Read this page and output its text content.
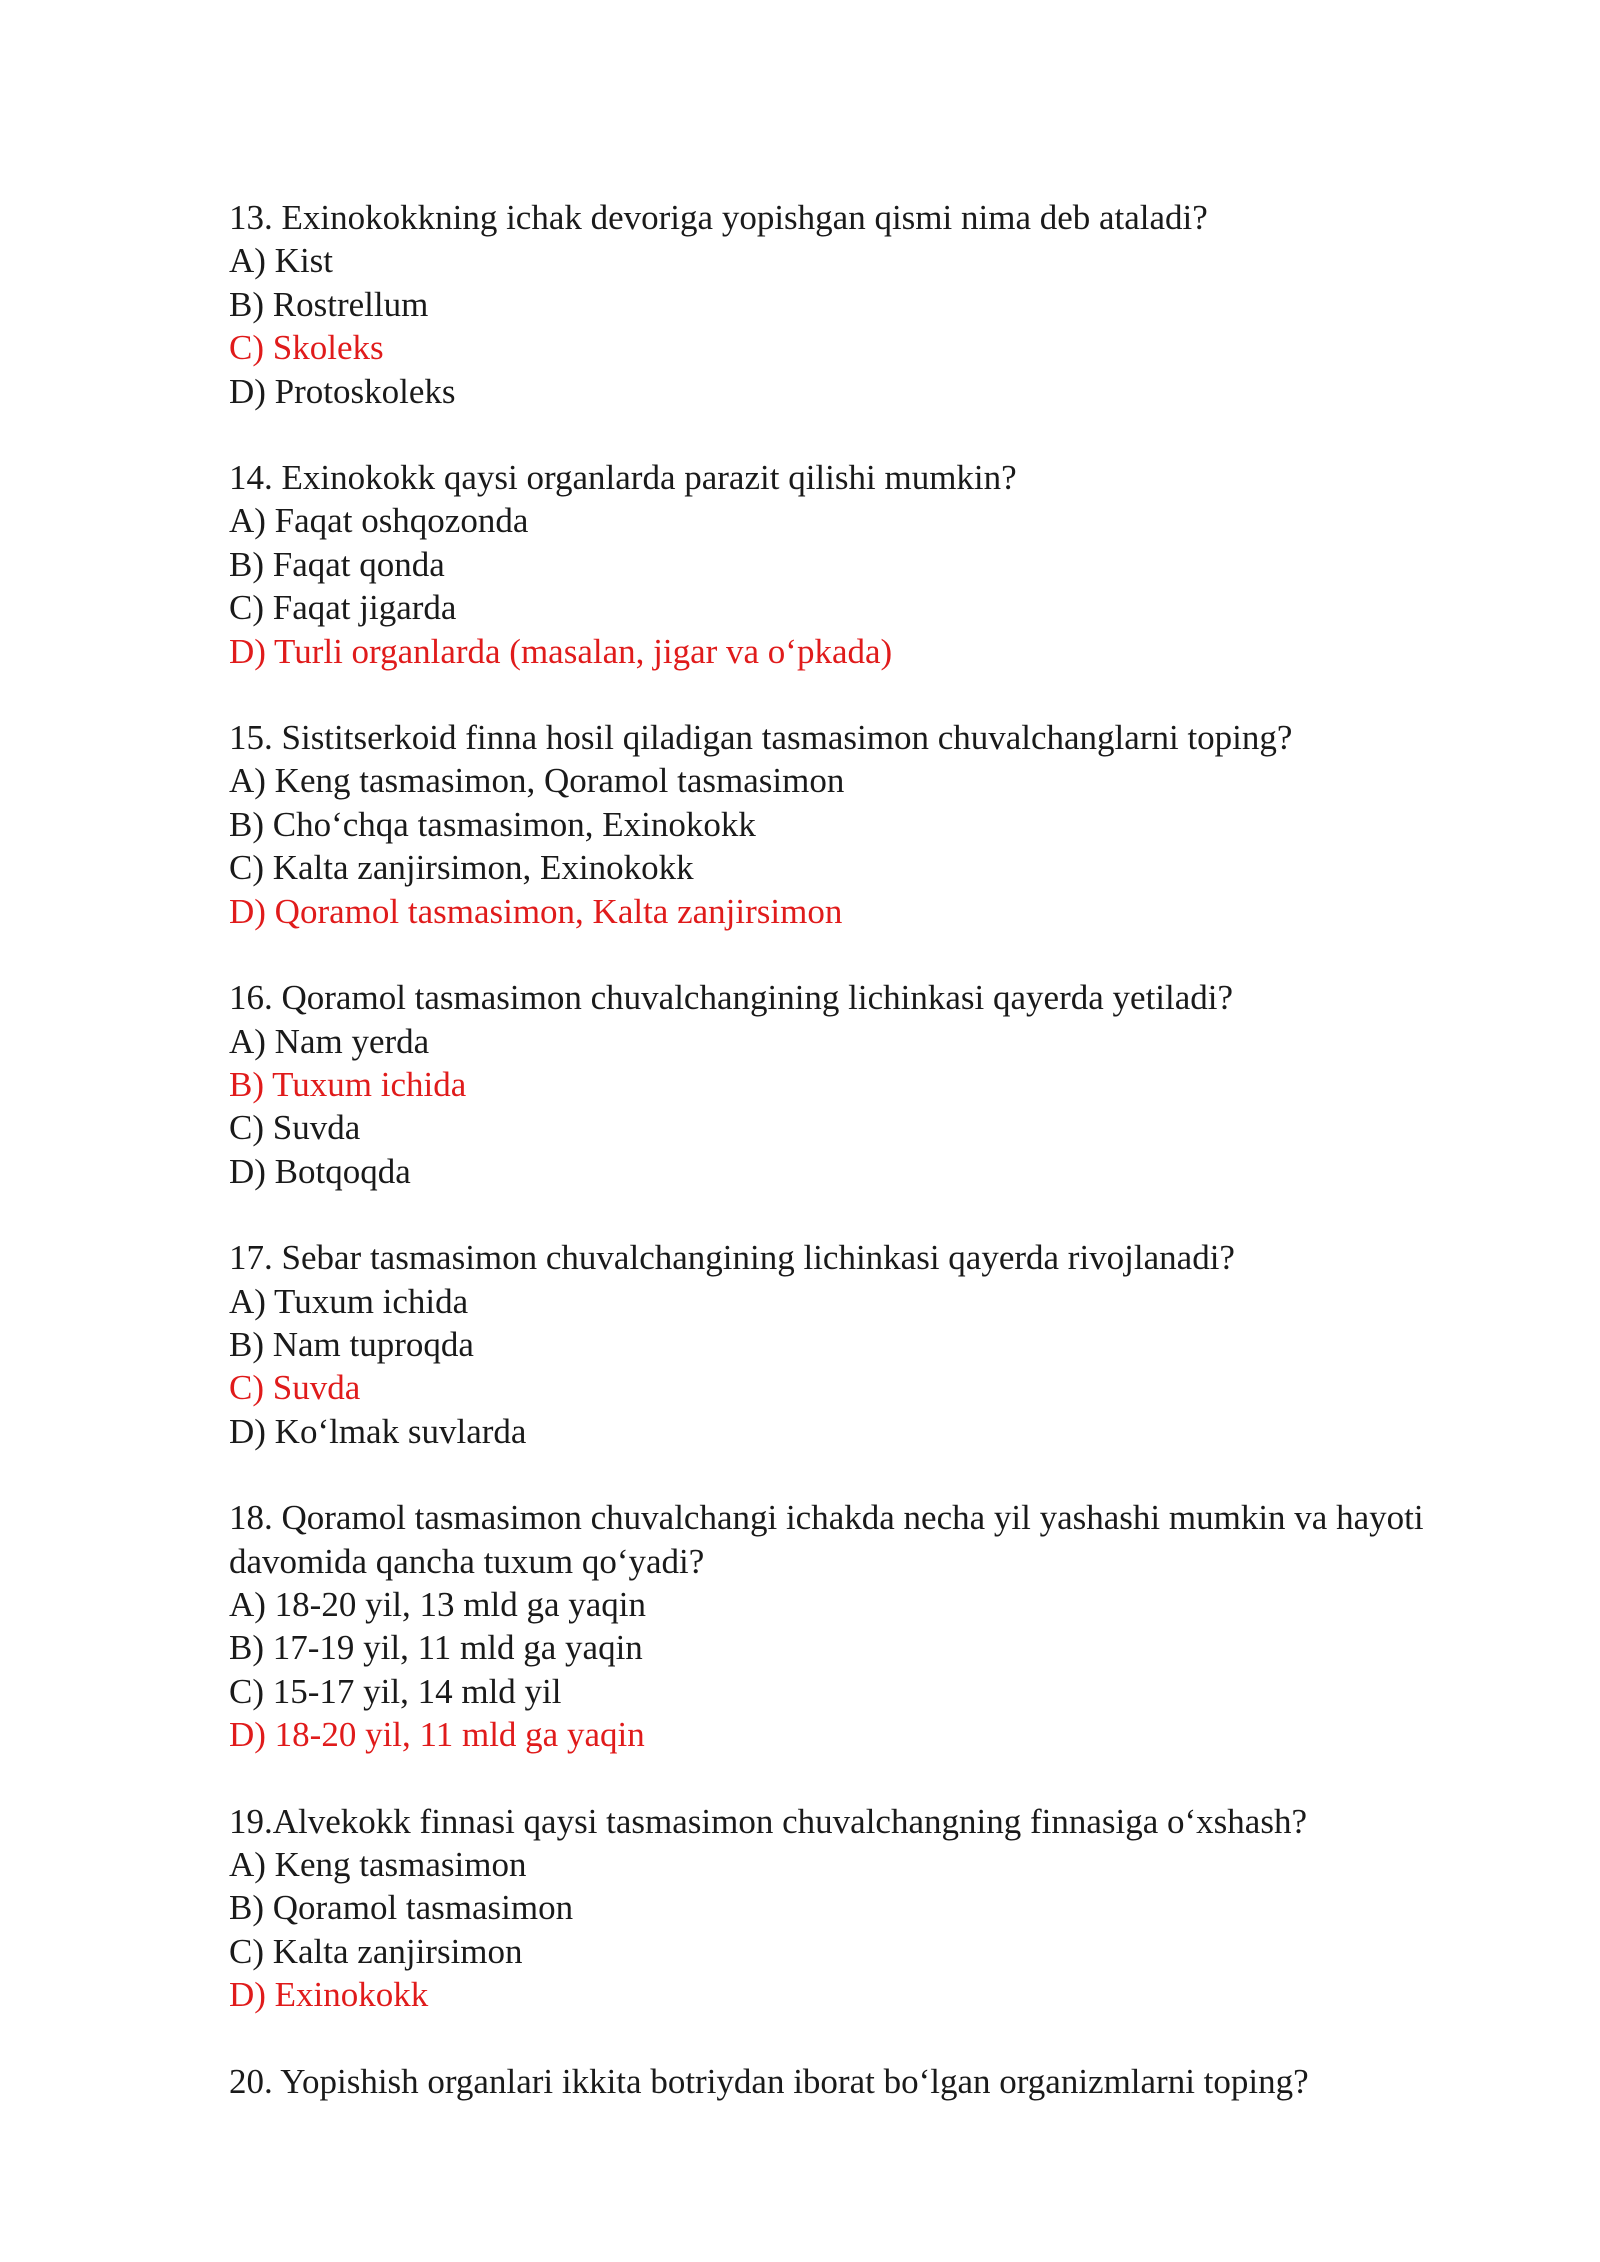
13. Exinokokkning ichak devoriga yopishgan qismi nima deb ataladi?
A) Kist
B) Rostrellum
C) Skoleks
D) Protoskoleks
14. Exinokokk qaysi organlarda parazit qilishi mumkin?
A) Faqat oshqozonda
B) Faqat qonda
C) Faqat jigarda
D) Turli organlarda (masalan, jigar va o‘pkada)
15. Sistitserkoid finna hosil qiladigan tasmasimon chuvalchanglarni toping?
A) Keng tasmasimon, Qoramol tasmasimon
B) Cho‘chqa tasmasimon, Exinokokk
C) Kalta zanjirsimon, Exinokokk
D) Qoramol tasmasimon, Kalta zanjirsimon
16. Qoramol tasmasimon chuvalchangining lichinkasi qayerda yetiladi?
A) Nam yerda
B) Tuxum ichida
C) Suvda
D) Botqoqda
17. Sebar tasmasimon chuvalchangining lichinkasi qayerda rivojlanadi?
A) Tuxum ichida
B) Nam tuproqda
C) Suvda
D) Ko‘lmak suvlarda
18. Qoramol tasmasimon chuvalchangi ichakda necha yil yashashi mumkin va hayoti davomida qancha tuxum qo‘yadi?
A) 18-20 yil, 13 mld ga yaqin
B) 17-19 yil, 11 mld ga yaqin
C) 15-17 yil, 14 mld yil
D) 18-20 yil, 11 mld ga yaqin
19.Alvekokk finnasi qaysi tasmasimon chuvalchangning finnasiga o‘xshash?
A) Keng tasmasimon
B) Qoramol tasmasimon
C) Kalta zanjirsimon
D) Exinokokk
20. Yopishish organlari ikkita botriydan iborat bo‘lgan organizmlarni toping?
